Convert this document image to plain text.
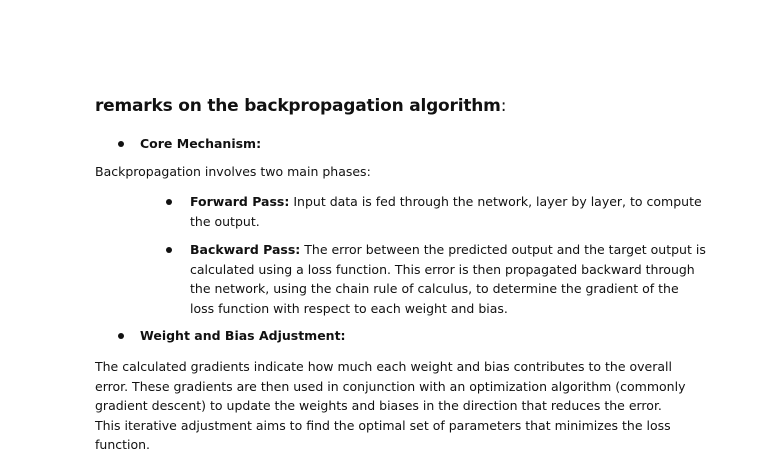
remarks on the backpropagation algorithm:
Core Mechanism:
Backpropagation involves two main phases:
Forward Pass: Input data is fed through the network, layer by layer, to compute the output.
Backward Pass: The error between the predicted output and the target output is calculated using a loss function. This error is then propagated backward through the network, using the chain rule of calculus, to determine the gradient of the loss function with respect to each weight and bias.
Weight and Bias Adjustment:
The calculated gradients indicate how much each weight and bias contributes to the overall error. These gradients are then used in conjunction with an optimization algorithm (commonly gradient descent) to update the weights and biases in the direction that reduces the error. This iterative adjustment aims to find the optimal set of parameters that minimizes the loss function.
